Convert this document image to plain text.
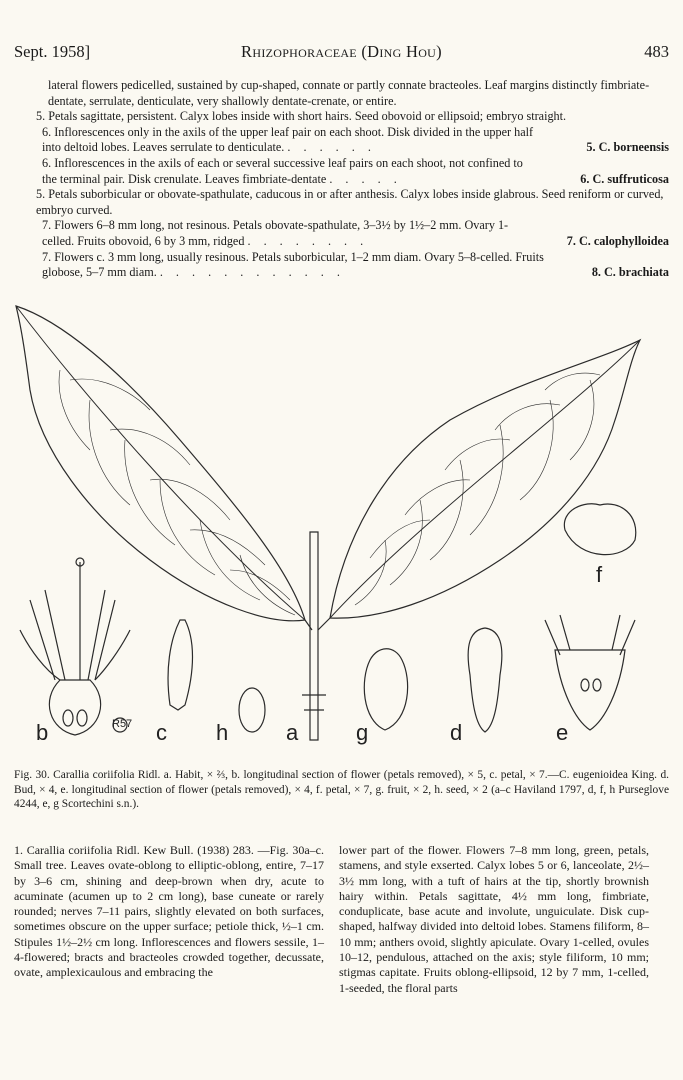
Sept. 1958]	Rhizophoraceae (Ding Hou)	483
lateral flowers pedicelled, sustained by cup-shaped, connate or partly connate bracteoles. Leaf margins distinctly fimbriate-dentate, serrulate, denticulate, very shallowly dentate-crenate, or entire.
5. Petals sagittate, persistent. Calyx lobes inside with short hairs. Seed obovoid or ellipsoid; embryo straight.
6. Inflorescences only in the axils of the upper leaf pair on each shoot. Disk divided in the upper half into deltoid lobes. Leaves serrulate to denticulate. . . . . . .	5. C. borneensis
6. Inflorescences in the axils of each or several successive leaf pairs on each shoot, not confined to the terminal pair. Disk crenulate. Leaves fimbriate-dentate . . . . .	6. C. suffruticosa
5. Petals suborbicular or obovate-spathulate, caducous in or after anthesis. Calyx lobes inside glabrous. Seed reniform or curved, embryo curved.
7. Flowers 6–8 mm long, not resinous. Petals obovate-spathulate, 3–3½ by 1½–2 mm. Ovary 1-celled. Fruits obovoid, 6 by 3 mm, ridged . . . . . . . .	7. C. calophylloidea
7. Flowers c. 3 mm long, usually resinous. Petals suborbicular, 1–2 mm diam. Ovary 5–8-celled. Fruits globose, 5–7 mm diam. . . . . . . . . . . . .	8. C. brachiata
b	c h	a	g	d	e
f
R57
Fig. 30. Carallia coriifolia Ridl. a. Habit, × ⅔, b. longitudinal section of flower (petals removed), × 5, c. petal, × 7.—C. eugenioidea King. d. Bud, × 4, e. longitudinal section of flower (petals removed), × 4, f. petal, × 7, g. fruit, × 2, h. seed, × 2 (a–c Haviland 1797, d, f, h Purseglove 4244, e, g Scortechini s.n.).
1. Carallia coriifolia Ridl. Kew Bull. (1938) 283. —Fig. 30a–c. Small tree. Leaves ovate-oblong to elliptic-oblong, entire, 7–17 by 3–6 cm, shining and deep-brown when dry, acute to acuminate (acumen up to 2 cm long), base cuneate or rarely rounded; nerves 7–11 pairs, slightly elevated on both surfaces, sometimes obscure on the upper surface; petiole thick, ½–1 cm. Stipules 1½–2½ cm long. Inflorescences and flowers sessile, 1–4-flowered; bracts and bracteoles crowded together, decussate, ovate, amplexicaulous and embracing the
lower part of the flower. Flowers 7–8 mm long, green, petals, stamens, and style exserted. Calyx lobes 5 or 6, lanceolate, 2½–3½ mm long, with a tuft of hairs at the tip, shortly brownish hairy within. Petals sagittate, 4½ mm long, fimbriate, conduplicate, base acute and involute, unguiculate. Disk cup-shaped, halfway divided into deltoid lobes. Stamens filiform, 8–10 mm; anthers ovoid, slightly apiculate. Ovary 1-celled, ovules 10–12, pendulous, attached on the axis; style filiform, 10 mm; stigmas capitate. Fruits oblong-ellipsoid, 12 by 7 mm, 1-celled, 1-seeded, the floral parts
